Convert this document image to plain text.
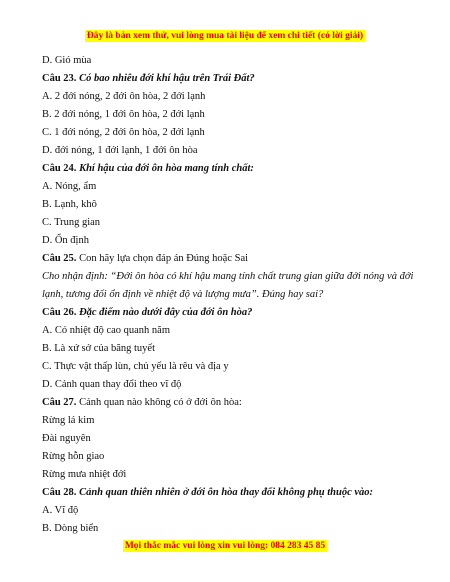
Đây là bản xem thử, vui lòng mua tài liệu để xem chi tiết (có lời giải)
D. Gió mùa
Câu 23. Có bao nhiêu đới khí hậu trên Trái Đất?
A. 2 đới nóng, 2 đới ôn hòa, 2 đới lạnh
B. 2 đới nóng, 1 đới ôn hòa, 2 đới lạnh
C. 1 đới nóng, 2 đới ôn hòa, 2 đới lạnh
D. đới nóng, 1 đới lạnh, 1 đới ôn hòa
Câu 24. Khí hậu của đới ôn hòa mang tính chất:
A. Nóng, ẩm
B. Lạnh, khô
C. Trung gian
D. Ổn định
Câu 25. Con hãy lựa chọn đáp án Đúng hoặc Sai
Cho nhận định: “Đới ôn hòa có khí hậu mang tính chất trung gian giữa đới nóng và đới lạnh, tương đối ổn định về nhiệt độ và lượng mưa”. Đúng hay sai?
Câu 26. Đặc điểm nào dưới đây của đới ôn hòa?
A. Có nhiệt độ cao quanh năm
B. Là xứ sở của băng tuyết
C. Thực vật thấp lùn, chủ yếu là rêu và địa y
D. Cảnh quan thay đổi theo vĩ độ
Câu 27. Cảnh quan nào không có ở đới ôn hòa:
Rừng lá kim
Đài nguyên
Rừng hỗn giao
Rừng mưa nhiệt đới
Câu 28. Cảnh quan thiên nhiên ở đới ôn hòa thay đổi không phụ thuộc vào:
A. Vĩ độ
B. Dòng biển
Mọi thắc mắc vui lòng xin vui lòng: 084 283 45 85
